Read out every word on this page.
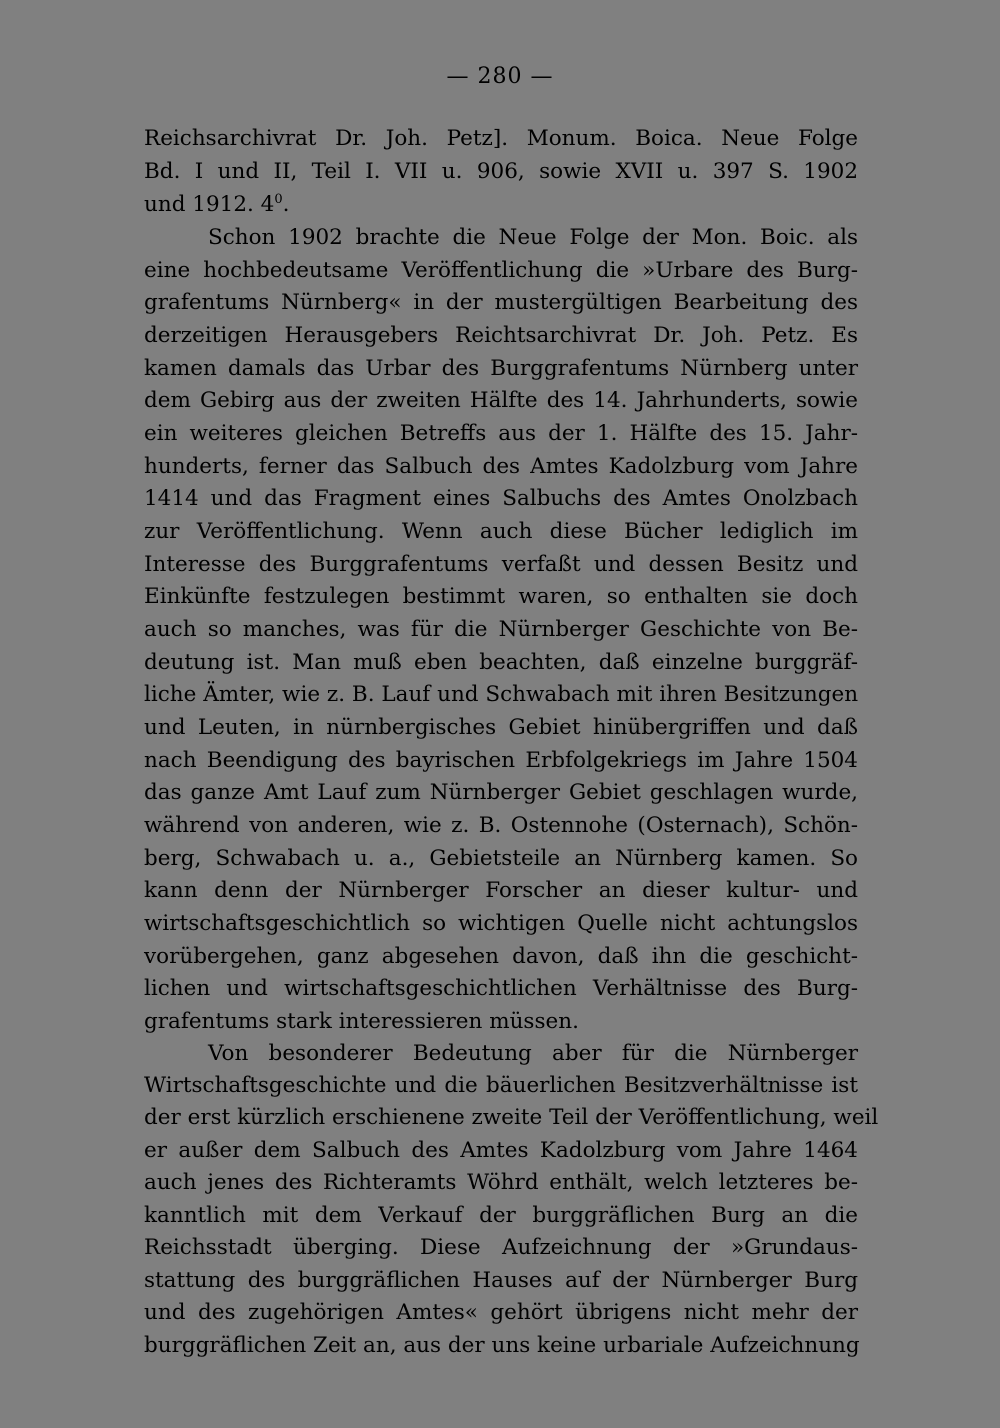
— 280 —
Reichsarchivrat Dr. Joh. Petz]. Monum. Boica. Neue Folge
Bd. I und II, Teil I. VII u. 906, sowie XVII u. 397 S. 1902
und 1912. $4^0$.
Schon 1902 brachte die Neue Folge der Mon. Boic. als
eine hochbedeutsame Veröffentlichung die »Urbare des Burg-
grafentums Nürnberg« in der mustergültigen Bearbeitung des
derzeitigen Herausgebers Reichtsarchivrat Dr. Joh. Petz. Es
kamen damals das Urbar des Burggrafentums Nürnberg unter
dem Gebirg aus der zweiten Hälfte des 14. Jahrhunderts, sowie
ein weiteres gleichen Betreffs aus der 1. Hälfte des 15. Jahr-
hunderts, ferner das Salbuch des Amtes Kadolzburg vom Jahre
1414 und das Fragment eines Salbuchs des Amtes Onolzbach
zur Veröffentlichung. Wenn auch diese Bücher lediglich im
Interesse des Burggrafentums verfaßt und dessen Besitz und
Einkünfte festzulegen bestimmt waren, so enthalten sie doch
auch so manches, was für die Nürnberger Geschichte von Be-
deutung ist. Man muß eben beachten, daß einzelne burggräf-
liche Ämter, wie z. B. Lauf und Schwabach mit ihren Besitzungen
und Leuten, in nürnbergisches Gebiet hinübergriffen und daß
nach Beendigung des bayrischen Erbfolgekriegs im Jahre 1504
das ganze Amt Lauf zum Nürnberger Gebiet geschlagen wurde,
während von anderen, wie z. B. Ostennohe (Osternach), Schön-
berg, Schwabach u. a., Gebietsteile an Nürnberg kamen. So
kann denn der Nürnberger Forscher an dieser kultur- und
wirtschaftsgeschichtlich so wichtigen Quelle nicht achtungslos
vorübergehen, ganz abgesehen davon, daß ihn die geschicht-
lichen und wirtschaftsgeschichtlichen Verhältnisse des Burg-
grafentums stark interessieren müssen.
Von besonderer Bedeutung aber für die Nürnberger
Wirtschaftsgeschichte und die bäuerlichen Besitzverhältnisse ist
der erst kürzlich erschienene zweite Teil der Veröffentlichung, weil
er außer dem Salbuch des Amtes Kadolzburg vom Jahre 1464
auch jenes des Richteramts Wöhrd enthält, welch letzteres be-
kanntlich mit dem Verkauf der burggräflichen Burg an die
Reichsstadt überging. Diese Aufzeichnung der »Grundaus-
stattung des burggräflichen Hauses auf der Nürnberger Burg
und des zugehörigen Amtes« gehört übrigens nicht mehr der
burggräflichen Zeit an, aus der uns keine urbariale Aufzeichnung
